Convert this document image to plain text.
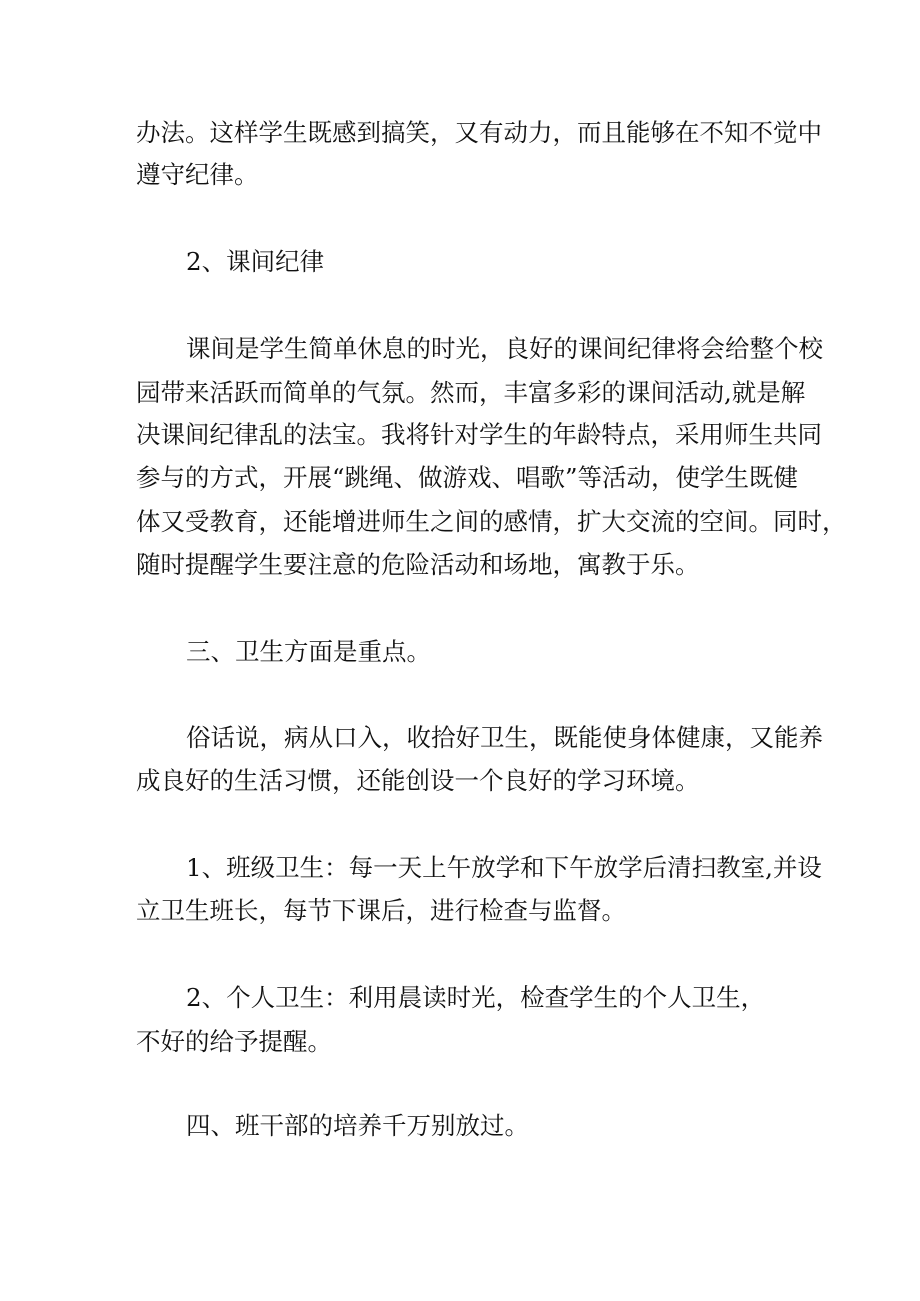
办法。这样学生既感到搞笑，又有动力，而且能够在不知不觉中
遵守纪律。
2、课间纪律
课间是学生简单休息的时光，良好的课间纪律将会给整个校
园带来活跃而简单的气氛。然而，丰富多彩的课间活动,就是解
决课间纪律乱的法宝。我将针对学生的年龄特点，采用师生共同
参与的方式，开展“跳绳、做游戏、唱歌”等活动，使学生既健
体又受教育，还能增进师生之间的感情，扩大交流的空间。同时，
随时提醒学生要注意的危险活动和场地，寓教于乐。
三、卫生方面是重点。
俗话说，病从口入，收拾好卫生，既能使身体健康，又能养
成良好的生活习惯，还能创设一个良好的学习环境。
1、班级卫生：每一天上午放学和下午放学后清扫教室,并设
立卫生班长，每节下课后，进行检查与监督。
2、个人卫生：利用晨读时光，检查学生的个人卫生，
不好的给予提醒。
四、班干部的培养千万别放过。
